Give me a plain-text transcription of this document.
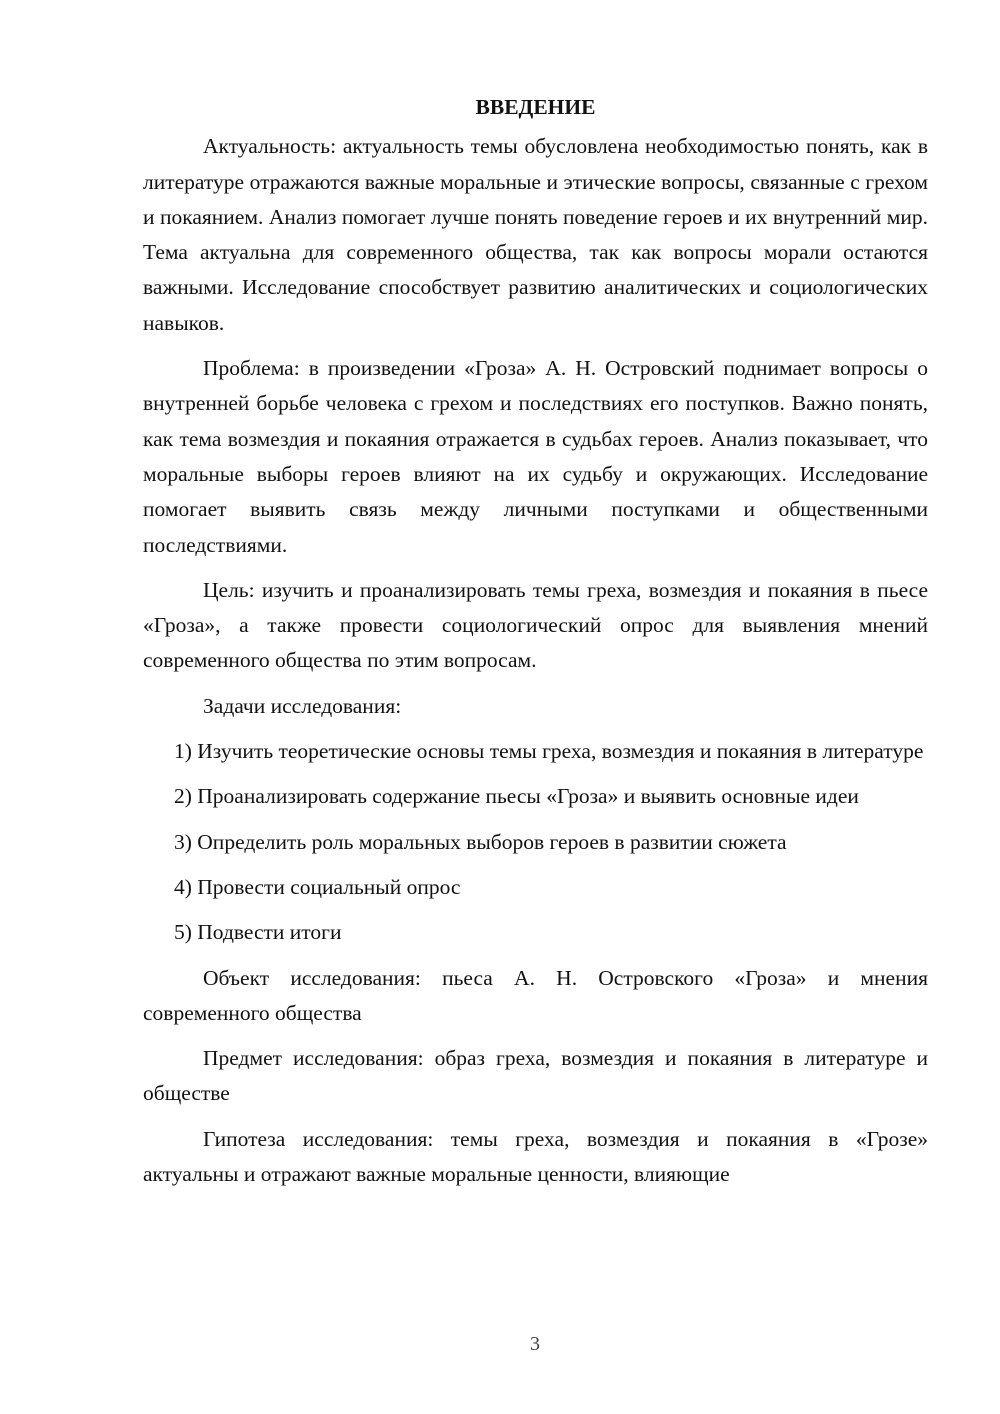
ВВЕДЕНИЕ

Актуальность: актуальность темы обусловлена необходимостью понять, как в литературе отражаются важные моральные и этические вопросы, связанные с грехом и покаянием. Анализ помогает лучше понять поведение героев и их внутренний мир. Тема актуальна для современного общества, так как вопросы морали остаются важными. Исследование способствует развитию аналитических и социологических навыков.

Проблема: в произведении «Гроза» А. Н. Островский поднимает вопросы о внутренней борьбе человека с грехом и последствиях его поступков. Важно понять, как тема возмездия и покаяния отражается в судьбах героев. Анализ показывает, что моральные выборы героев влияют на их судьбу и окружающих. Исследование помогает выявить связь между личными поступками и общественными последствиями.

Цель: изучить и проанализировать темы греха, возмездия и покаяния в пьесе «Гроза», а также провести социологический опрос для выявления мнений современного общества по этим вопросам.

Задачи исследования:

1) Изучить теоретические основы темы греха, возмездия и покаяния в литературе

2) Проанализировать содержание пьесы «Гроза» и выявить основные идеи

3) Определить роль моральных выборов героев в развитии сюжета

4) Провести социальный опрос

5) Подвести итоги

Объект исследования: пьеса А. Н. Островского «Гроза» и мнения современного общества

Предмет исследования: образ греха, возмездия и покаяния в литературе и обществе

Гипотеза исследования: темы греха, возмездия и покаяния в «Грозе» актуальны и отражают важные моральные ценности, влияющие

3
